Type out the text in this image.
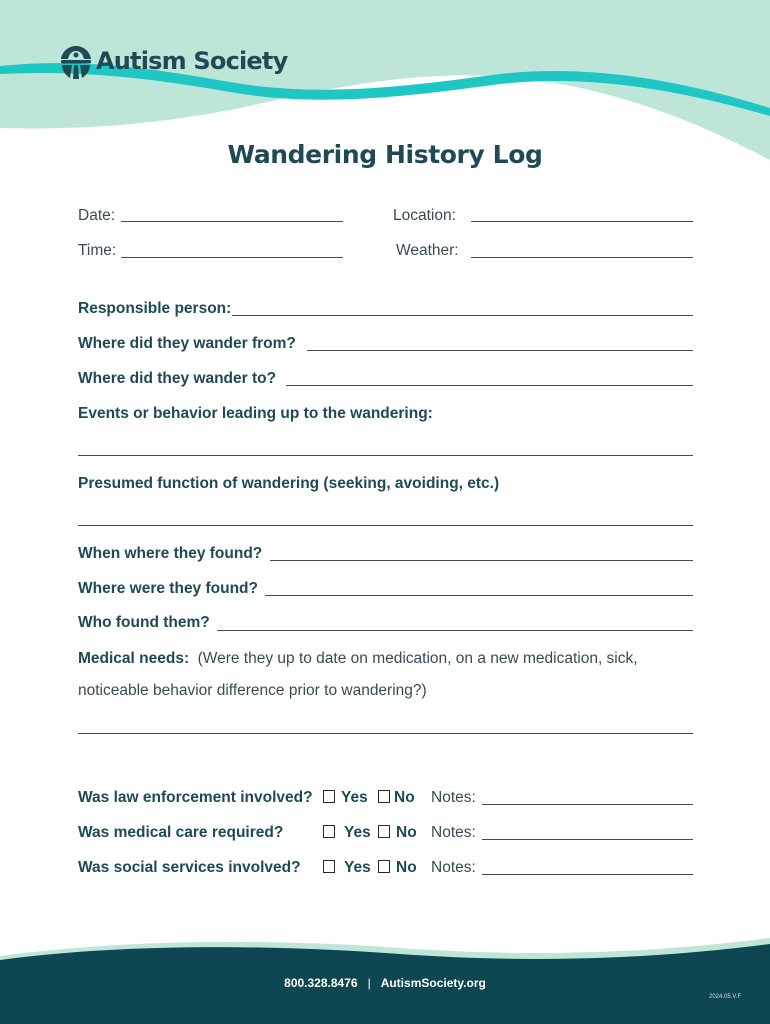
Autism Society
Wandering History Log
Date:	Location:
Time:	Weather:
Responsible person:
Where did they wander from?
Where did they wander to?
Events or behavior leading up to the wandering:
Presumed function of wandering (seeking, avoiding, etc.)
When where they found?
Where were they found?
Who found them?
Medical needs: (Were they up to date on medication, on a new medication, sick,
noticeable behavior difference prior to wandering?)
Was law enforcement involved? Yes No Notes:
Was medical care required?	Yes No Notes:
Was social services involved?	Yes No Notes:
800.328.8476 | AutismSociety.org
2024.05.V.F
